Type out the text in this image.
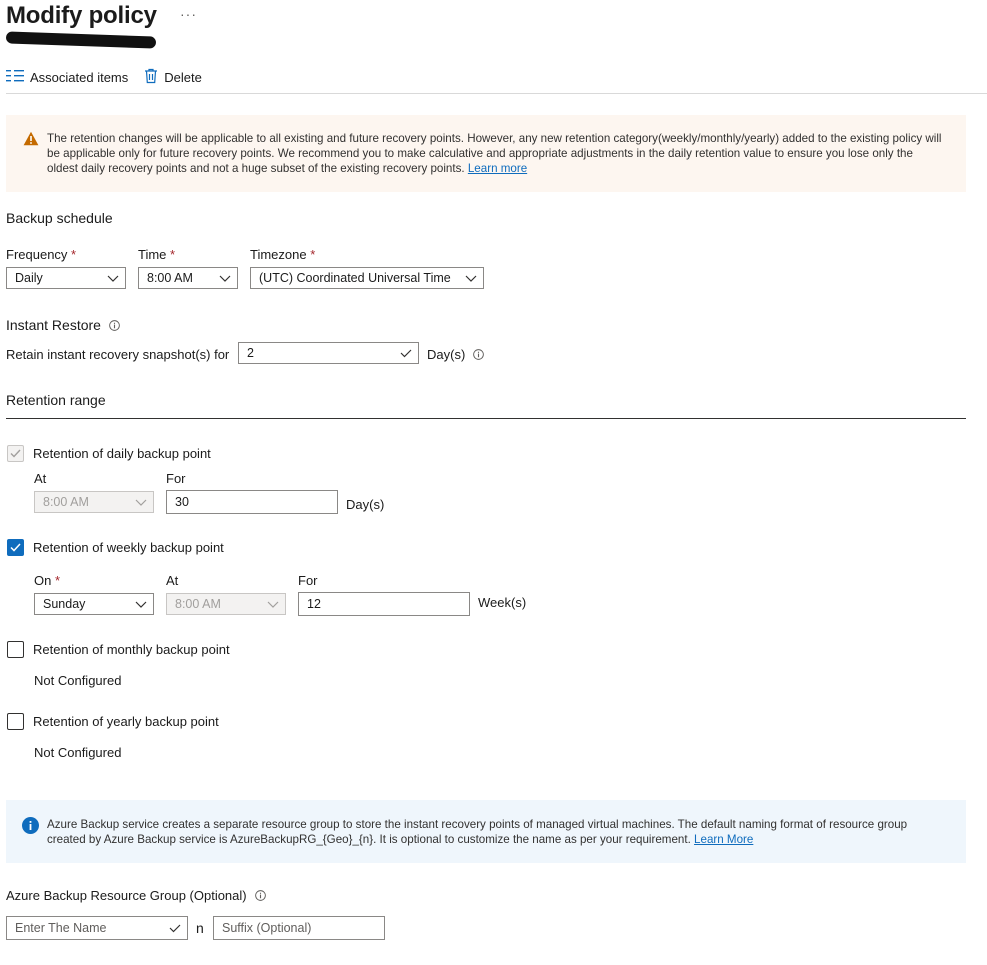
Modify policy ···
Associated items	Delete
The retention changes will be applicable to all existing and future recovery points. However, any new retention category(weekly/monthly/yearly) added to the existing policy will be applicable only for future recovery points. We recommend you to make calculative and appropriate adjustments in the daily retention value to ensure you lose only the oldest daily recovery points and not a huge subset of the existing recovery points. Learn more
Backup schedule
Frequency *
Daily
Time *
8:00 AM
Timezone *
(UTC) Coordinated Universal Time
Instant Restore
Retain instant recovery snapshot(s) for 2	Day(s)
Retention range
Retention of daily backup point
At	For
8:00 AM	30	Day(s)
Retention of weekly backup point
On *	At	For
Sunday	8:00 AM	12	Week(s)
Retention of monthly backup point
Not Configured
Retention of yearly backup point
Not Configured
Azure Backup service creates a separate resource group to store the instant recovery points of managed virtual machines. The default naming format of resource group created by Azure Backup service is AzureBackupRG_{Geo}_{n}. It is optional to customize the name as per your requirement. Learn More
Azure Backup Resource Group (Optional)
Enter The Name	n Suffix (Optional)
